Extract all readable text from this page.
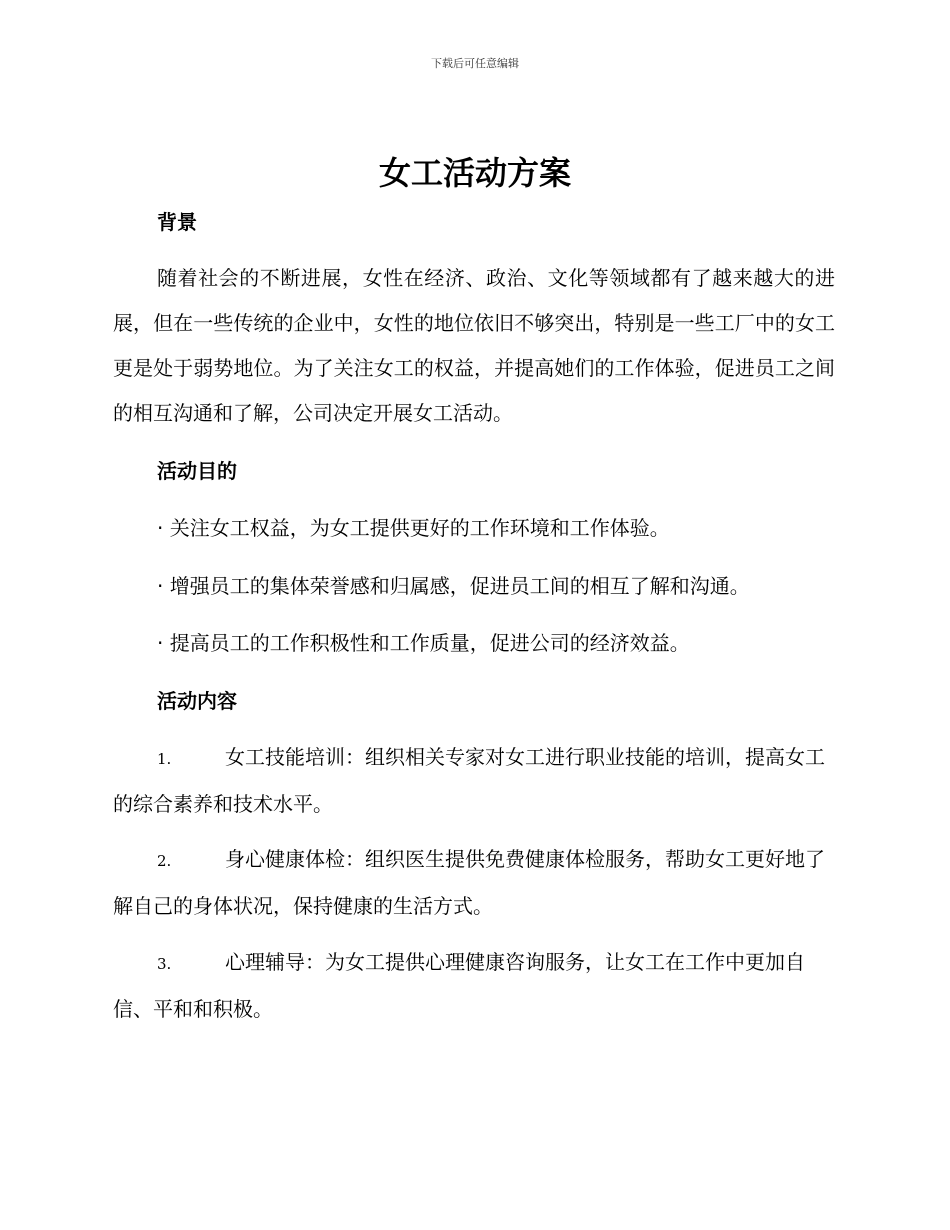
下载后可任意编辑
女工活动方案
背景

随着社会的不断进展，女性在经济、政治、文化等领域都有了越来越大的进展，但在一些传统的企业中，女性的地位依旧不够突出，特别是一些工厂中的女工更是处于弱势地位。为了关注女工的权益，并提高她们的工作体验，促进员工之间的相互沟通和了解，公司决定开展女工活动。

活动目的

· 关注女工权益，为女工提供更好的工作环境和工作体验。

· 增强员工的集体荣誉感和归属感，促进员工间的相互了解和沟通。

· 提高员工的工作积极性和工作质量，促进公司的经济效益。

活动内容

1.	女工技能培训：组织相关专家对女工进行职业技能的培训，提高女工的综合素养和技术水平。

2.	身心健康体检：组织医生提供免费健康体检服务，帮助女工更好地了解自己的身体状况，保持健康的生活方式。

3.	心理辅导：为女工提供心理健康咨询服务，让女工在工作中更加自信、平和和积极。
